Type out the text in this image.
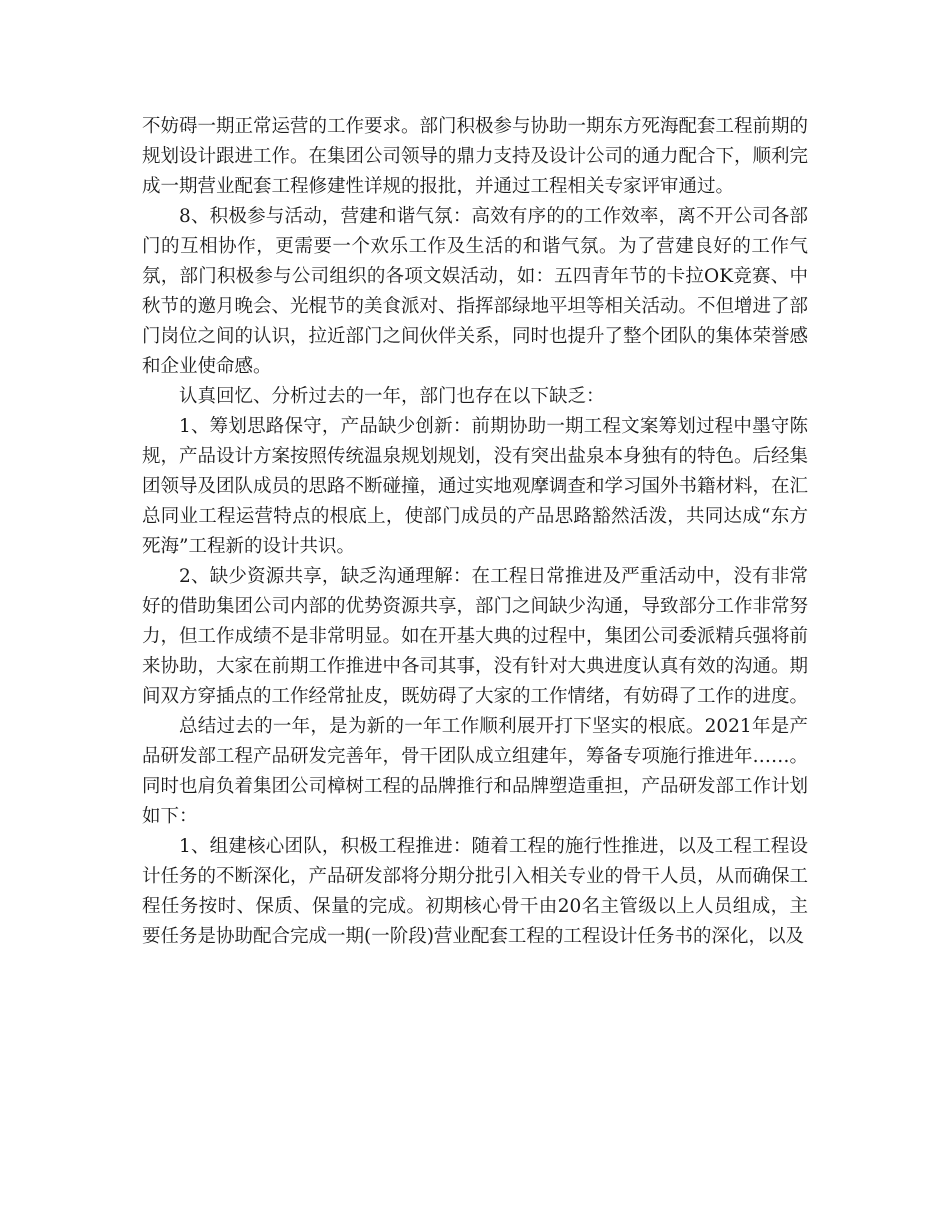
不妨碍一期正常运营的工作要求。部门积极参与协助一期东方死海配套工程前期的规划设计跟进工作。在集团公司领导的鼎力支持及设计公司的通力配合下，顺利完成一期营业配套工程修建性详规的报批，并通过工程相关专家评审通过。

8、积极参与活动，营建和谐气氛：高效有序的的工作效率，离不开公司各部门的互相协作，更需要一个欢乐工作及生活的和谐气氛。为了营建良好的工作气氛，部门积极参与公司组织的各项文娱活动，如：五四青年节的卡拉OK竞赛、中秋节的邀月晚会、光棍节的美食派对、指挥部绿地平坦等相关活动。不但增进了部门岗位之间的认识，拉近部门之间伙伴关系，同时也提升了整个团队的集体荣誉感和企业使命感。

认真回忆、分析过去的一年，部门也存在以下缺乏：

1、筹划思路保守，产品缺少创新：前期协助一期工程文案筹划过程中墨守陈规，产品设计方案按照传统温泉规划规划，没有突出盐泉本身独有的特色。后经集团领导及团队成员的思路不断碰撞，通过实地观摩调查和学习国外书籍材料，在汇总同业工程运营特点的根底上，使部门成员的产品思路豁然活泼，共同达成“东方死海”工程新的设计共识。

2、缺少资源共享，缺乏沟通理解：在工程日常推进及严重活动中，没有非常好的借助集团公司内部的优势资源共享，部门之间缺少沟通，导致部分工作非常努力，但工作成绩不是非常明显。如在开基大典的过程中，集团公司委派精兵强将前来协助，大家在前期工作推进中各司其事，没有针对大典进度认真有效的沟通。期间双方穿插点的工作经常扯皮，既妨碍了大家的工作情绪，有妨碍了工作的进度。

总结过去的一年，是为新的一年工作顺利展开打下坚实的根底。2021年是产品研发部工程产品研发完善年，骨干团队成立组建年，筹备专项施行推进年……。同时也肩负着集团公司樟树工程的品牌推行和品牌塑造重担，产品研发部工作计划如下：

1、组建核心团队，积极工程推进：随着工程的施行性推进，以及工程工程设计任务的不断深化，产品研发部将分期分批引入相关专业的骨干人员，从而确保工程任务按时、保质、保量的完成。初期核心骨干由20名主管级以上人员组成，主要任务是协助配合完成一期(一阶段)营业配套工程的工程设计任务书的深化，以及
